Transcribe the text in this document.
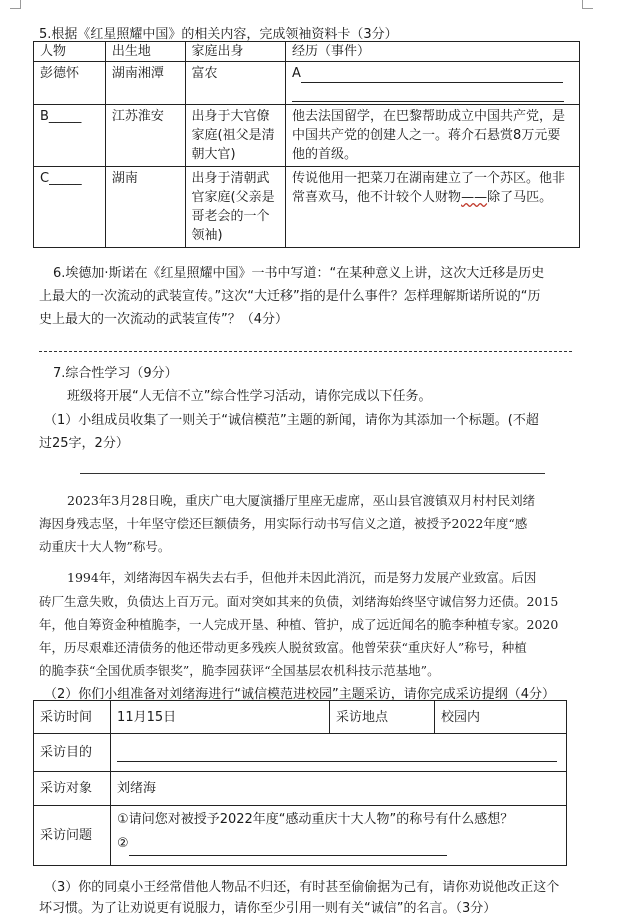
5.根据《红星照耀中国》的相关内容，完成领袖资料卡（3分）
人物	出生地	家庭出身	经历（事件）
彭德怀	湖南湘潭	富农	A

B_____	江苏淮安	出身于大官僚家庭(祖父是清朝大官)	他去法国留学，在巴黎帮助成立中国共产党，是中国共产党的创建人之一。蒋介石悬赏8万元要他的首级。
C_____	湖南	出身于清朝武官家庭(父亲是哥老会的一个领袖)	传说他用一把菜刀在湖南建立了一个苏区。他非常喜欢马，他不计较个人财物——除了马匹。
6.埃德加·斯诺在《红星照耀中国》一书中写道：“在某种意义上讲，这次大迁移是历史
上最大的一次流动的武装宣传。”这次“大迁移”指的是什么事件？怎样理解斯诺所说的“历
史上最大的一次流动的武装宣传”？（4分）
7.综合性学习（9分）
班级将开展“人无信不立”综合性学习活动，请你完成以下任务。
（1）小组成员收集了一则关于“诚信模范”主题的新闻，请你为其添加一个标题。(不超
过25字，2分）
2023年3月28日晚，重庆广电大厦演播厅里座无虚席，巫山县官渡镇双月村村民刘绪
海因身残志坚，十年坚守偿还巨额债务，用实际行动书写信义之道，被授予2022年度“感
动重庆十大人物”称号。
1994年，刘绪海因车祸失去右手，但他并未因此消沉，而是努力发展产业致富。后因
砖厂生意失败，负债达上百万元。面对突如其来的负债，刘绪海始终坚守诚信努力还债。2015
年，他自筹资金种植脆李，一人完成开垦、种植、管护，成了远近闻名的脆李种植专家。2020
年，历尽艰难还清债务的他还带动更多残疾人脱贫致富。他曾荣获“重庆好人”称号，种植
的脆李获“全国优质李银奖”，脆李园获评“全国基层农机科技示范基地”。
（2）你们小组准备对刘绪海进行“诚信模范进校园”主题采访，请你完成采访提纲（4分）
采访时间	11月15日	采访地点	校园内
采访目的			
采访对象	刘绪海		
采访问题	①请问您对被授予2022年度“感动重庆十大人物”的称号有什么感想？
②		
（3）你的同桌小王经常借他人物品不归还，有时甚至偷偷据为己有，请你劝说他改正这个
坏习惯。为了让劝说更有说服力，请你至少引用一则有关“诚信”的名言。（3分）
